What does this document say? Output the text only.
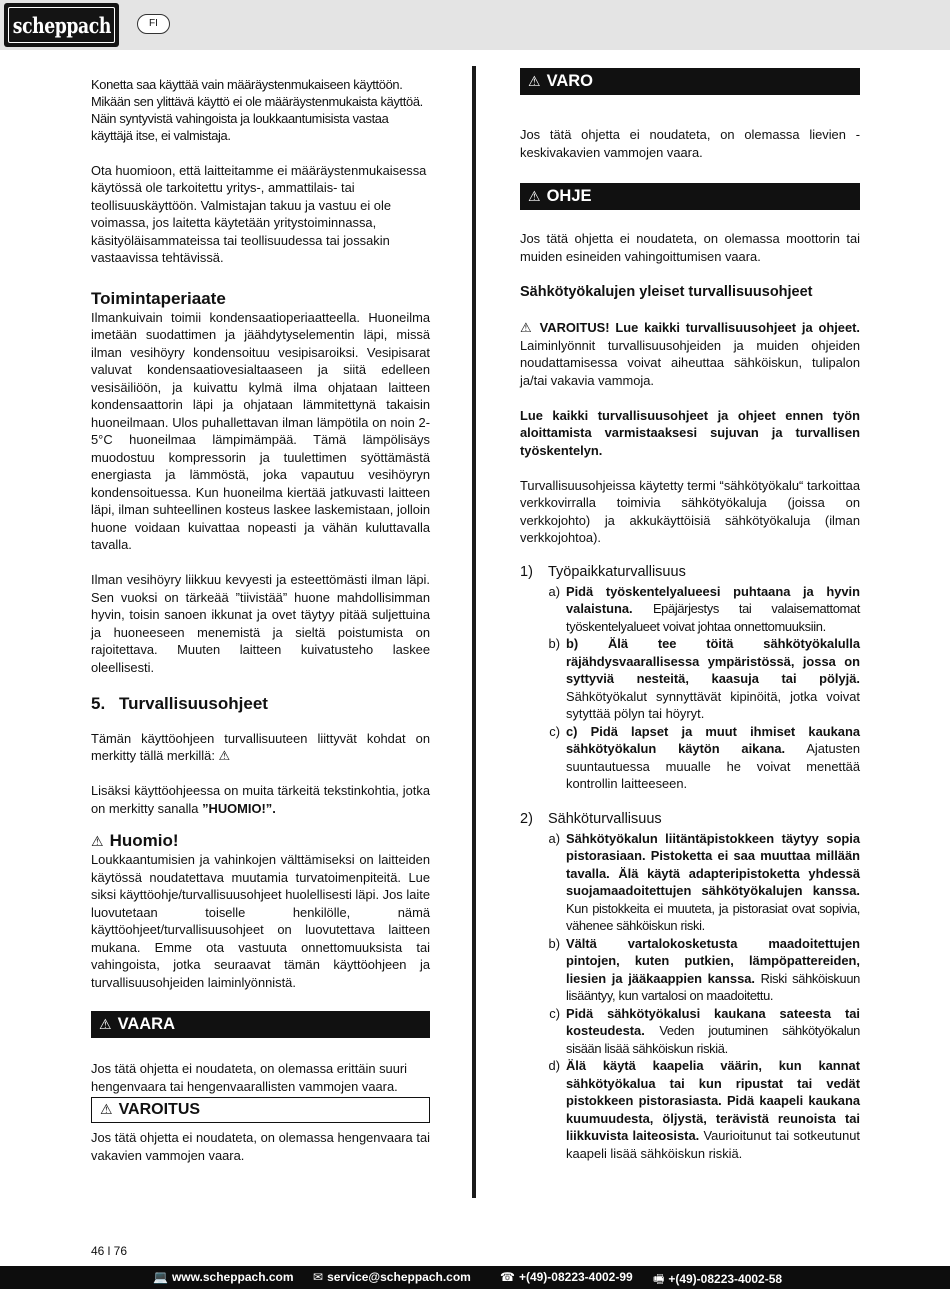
scheppach	FI

Konetta saa käyttää vain määräystenmukaiseen käyttöön. Mikään sen ylittävä käyttö ei ole määräystenmukaista käyttöä. Näin syntyvistä vahingoista ja loukkaantumisista vastaa käyttäjä itse, ei valmistaja.

Ota huomioon, että laitteitamme ei määräystenmukaisessa käytössä ole tarkoitettu yritys-, ammattilais- tai teollisuuskäyttöön. Valmistajan takuu ja vastuu ei ole voimassa, jos laitetta käytetään yritystoiminnassa, käsityöläisammateissa tai teollisuudessa tai jossakin vastaavissa tehtävissä.

Toimintaperiaate

Ilmankuivain toimii kondensaatioperiaatteella. Huoneilma imetään suodattimen ja jäähdytyselementin läpi, missä ilman vesihöyry kondensoituu vesipisaroiksi. Vesipisarat valuvat kondensaatiovesialtaaseen ja siitä edelleen vesisäiliöön, ja kuivattu kylmä ilma ohjataan laitteen kondensaattorin läpi ja ohjataan lämmitettynä takaisin huoneilmaan. Ulos puhallettavan ilman lämpötila on noin 2-5°C huoneilmaa lämpimämpää. Tämä lämpölisäys muodostuu kompressorin ja tuulettimen syöttämästä energiasta ja lämmöstä, joka vapautuu vesihöyryn kondensoituessa. Kun huoneilma kiertää jatkuvasti laitteen läpi, ilman suhteellinen kosteus laskee laskemistaan, jolloin huone voidaan kuivattaa nopeasti ja vähän kuluttavalla tavalla.

Ilman vesihöyry liikkuu kevyesti ja esteettömästi ilman läpi. Sen vuoksi on tärkeää ”tiivistää” huone mahdollisimman hyvin, toisin sanoen ikkunat ja ovet täytyy pitää suljettuina ja huoneeseen menemistä ja sieltä poistumista on rajoitettava. Muuten laitteen kuivatusteho laskee oleellisesti.

5. Turvallisuusohjeet

Tämän käyttöohjeen turvallisuuteen liittyvät kohdat on merkitty tällä merkillä: ⚠

Lisäksi käyttöohjeessa on muita tärkeitä tekstinkohtia, jotka on merkitty sanalla ”HUOMIO!”.

⚠ Huomio!

Loukkaantumisien ja vahinkojen välttämiseksi on laitteiden käytössä noudatettava muutamia turvatoimenpiteitä. Lue siksi käyttöohje/turvallisuusohjeet huolellisesti läpi. Jos laite luovutetaan toiselle henkilölle, nämä käyttöohjeet/turvallisuusohjeet on luovutettava laitteen mukana. Emme ota vastuuta onnettomuuksista tai vahingoista, jotka seuraavat tämän käyttöohjeen ja turvallisuusohjeiden laiminlyönnistä.

⚠ VAARA

Jos tätä ohjetta ei noudateta, on olemassa erittäin suuri hengenvaara tai hengenvaarallisten vammojen vaara.

⚠ VAROITUS

Jos tätä ohjetta ei noudateta, on olemassa hengenvaara tai vakavien vammojen vaara.

⚠ VARO

Jos tätä ohjetta ei noudateta, on olemassa lievien - keskivakavien vammojen vaara.

⚠ OHJE

Jos tätä ohjetta ei noudateta, on olemassa moottorin tai muiden esineiden vahingoittumisen vaara.

Sähkötyökalujen yleiset turvallisuusohjeet

⚠ VAROITUS! Lue kaikki turvallisuusohjeet ja ohjeet. Laiminlyönnit turvallisuusohjeiden ja muiden ohjeiden noudattamisessa voivat aiheuttaa sähköiskun, tulipalon ja/tai vakavia vammoja.

Lue kaikki turvallisuusohjeet ja ohjeet ennen työn aloittamista varmistaaksesi sujuvan ja turvallisen työskentelyn.

Turvallisuusohjeissa käytetty termi “sähkötyökalu“ tarkoittaa verkkovirralla toimivia sähkötyökaluja (joissa on verkkojohto) ja akkukäyttöisiä sähkötyökaluja (ilman verkkojohtoa).

1) Työpaikkaturvallisuus
a) Pidä työskentelyalueesi puhtaana ja hyvin valaistuna. Epäjärjestys tai valaisemattomat työskentelyalueet voivat johtaa onnettomuuksiin.
b) b) Älä tee töitä sähkötyökalulla räjähdysvaarallisessa ympäristössä, jossa on syttyviä nesteitä, kaasuja tai pölyjä. Sähkötyökalut synnyttävät kipinöitä, jotka voivat sytyttää pölyn tai höyryt.
c) c) Pidä lapset ja muut ihmiset kaukana sähkötyökalun käytön aikana. Ajatusten suuntautuessa muualle he voivat menettää kontrollin laitteeseen.
2) Sähköturvallisuus
a) Sähkötyökalun liitäntäpistokkeen täytyy sopia pistorasiaan. Pistoketta ei saa muuttaa millään tavalla. Älä käytä adapteripistoketta yhdessä suojamaadoitettujen sähkötyökalujen kanssa. Kun pistokkeita ei muuteta, ja pistorasiat ovat sopivia, vähenee sähköiskun riski.
b) Vältä vartalokosketusta maadoitettujen pintojen, kuten putkien, lämpöpattereiden, liesien ja jääkaappien kanssa. Riski sähköiskuun lisääntyy, kun vartalosi on maadoitettu.
c) Pidä sähkötyökalusi kaukana sateesta tai kosteudesta. Veden joutuminen sähkötyökalun sisään lisää sähköiskun riskiä.
d) Älä käytä kaapelia väärin, kun kannat sähkötyökalua tai kun ripustat tai vedät pistokkeen pistorasiasta. Pidä kaapeli kaukana kuumuudesta, öljystä, terävistä reunoista tai liikkuvista laiteosista. Vaurioitunut tai sotkeutunut kaapeli lisää sähköiskun riskiä.
46 l 76
💻 www.scheppach.com ✉ service@scheppach.com ☎ +(49)-08223-4002-99 🖷 +(49)-08223-4002-58
